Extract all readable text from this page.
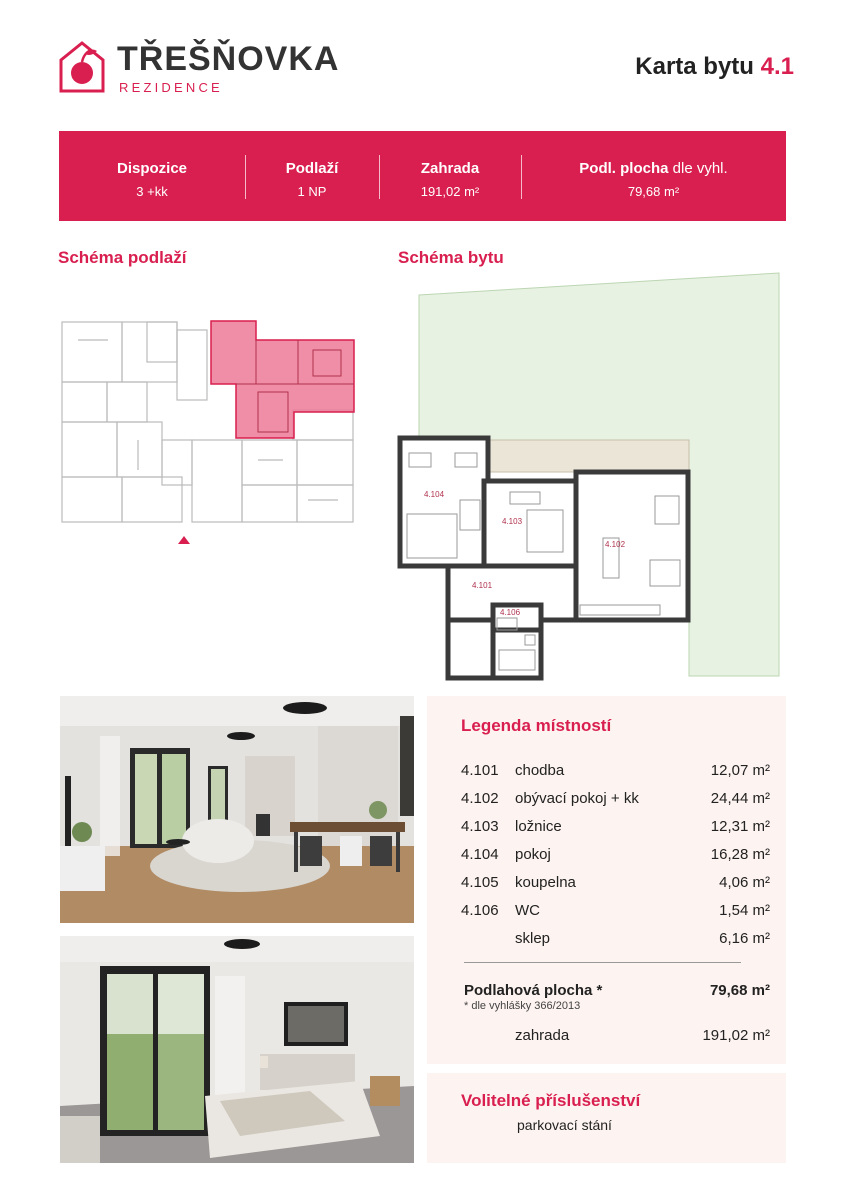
TŘEŠŇOVKA
REZIDENCE
Karta bytu 4.1
Dispozice
3 +kk
Podlaží
1 NP
Zahrada
191,02 m²
Podl. plocha dle vyhl.
79,68 m²
Schéma podlaží	Schéma bytu
4.104
4.103
4.102
4.101
4.106
Legenda místností
4.101 chodba	12,07 m²
4.102 obývací pokoj + kk	24,44 m²
4.103 ložnice	12,31 m²
4.104 pokoj	16,28 m²
4.105 koupelna	4,06 m²
4.106 WC	1,54 m²
sklep	6,16 m²
Podlahová plocha *	79,68 m²
* dle vyhlášky 366/2013
zahrada	191,02 m²
Volitelné příslušenství
parkovací stání
